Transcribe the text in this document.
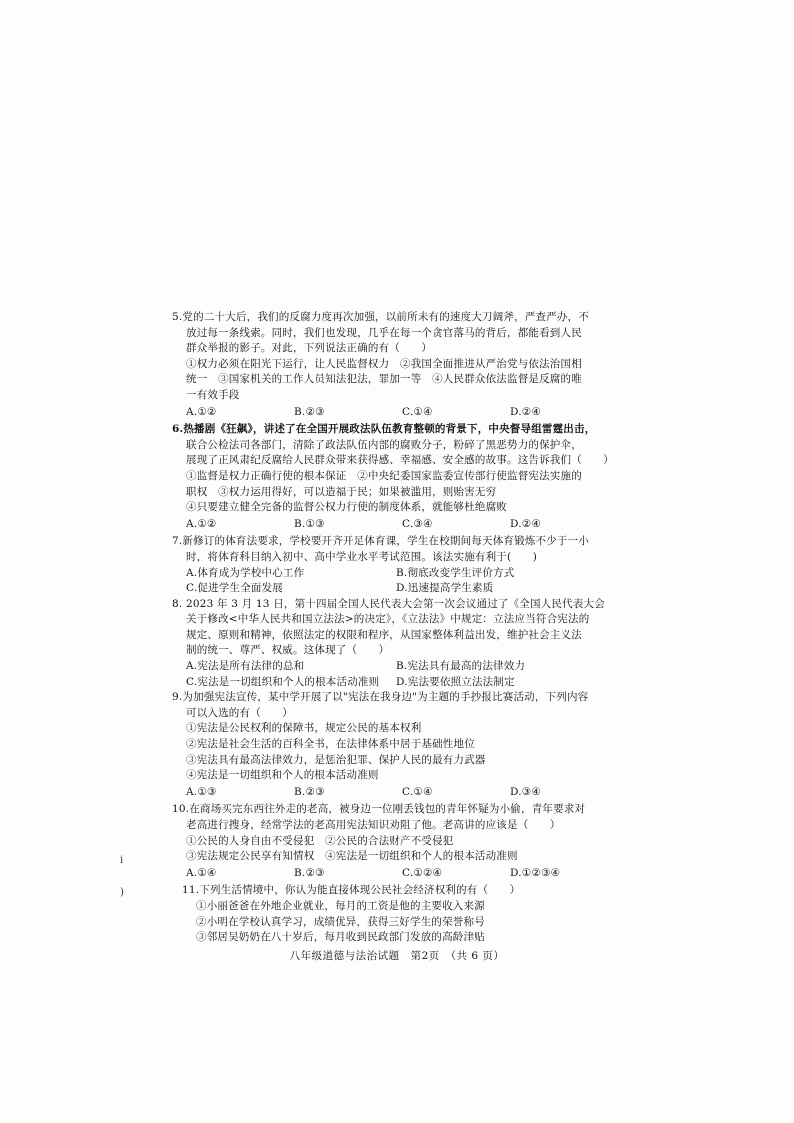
ⅰ
)
5.党的二十大后，我们的反腐力度再次加强，以前所未有的速度大刀阔斧，严查严办，不
放过每一条线索。同时，我们也发现，几乎在每一个贪官落马的背后，都能看到人民
群众举报的影子。对此，下列说法正确的有（　　）
①权力必须在阳光下运行，让人民监督权力　②我国全面推进从严治党与依法治国相
统一　③国家机关的工作人员知法犯法，罪加一等　④人民群众依法监督是反腐的唯
一有效手段
A.①②	B.②③	C.①④	D.②④
6.热播剧《狂飙》，讲述了在全国开展政法队伍教育整顿的背景下，中央督导组雷霆出击，
联合公检法司各部门，清除了政法队伍内部的腐败分子，粉碎了黑恶势力的保护伞，
展现了正风肃纪反腐给人民群众带来获得感、幸福感、安全感的故事。这告诉我们（　　）
①监督是权力正确行使的根本保证　②中央纪委国家监委宣传部行使监督宪法实施的
职权　③权力运用得好，可以造福于民；如果被滥用，则贻害无穷
④只要建立健全完备的监督公权力行使的制度体系，就能够杜绝腐败
A.①②	B.①③	C.③④	D.②④
7.新修订的体育法要求，学校要开齐开足体育课，学生在校期间每天体育锻炼不少于一小
时，将体育科目纳入初中、高中学业水平考试范围。该法实施有利于(　　)
A.体育成为学校中心工作	B.彻底改变学生评价方式
C.促进学生全面发展	D.迅速提高学生素质
8. 2023 年 3 月 13 日，第十四届全国人民代表大会第一次会议通过了《全国人民代表大会
关于修改<中华人民共和国立法法>的决定》，《立法法》中规定：立法应当符合宪法的
规定、原则和精神，依照法定的权限和程序，从国家整体利益出发，维护社会主义法
制的统一、尊严、权威。这体现了（　　）
A.宪法是所有法律的总和	B.宪法具有最高的法律效力
C.宪法是一切组织和个人的根本活动准则	D.宪法要依照立法法制定
9.为加强宪法宣传，某中学开展了以"宪法在我身边"为主题的手抄报比赛活动，下列内容
可以入选的有（　　）
①宪法是公民权利的保障书，规定公民的基本权利
②宪法是社会生活的百科全书，在法律体系中居于基础性地位
③宪法具有最高法律效力，是惩治犯罪、保护人民的最有力武器
④宪法是一切组织和个人的根本活动准则
A.①③	B.②③	C.①④	D.③④
10.在商场买完东西往外走的老高，被身边一位刚丢钱包的青年怀疑为小偷，青年要求对
老高进行搜身，经常学法的老高用宪法知识劝阻了他。老高讲的应该是（　　）
①公民的人身自由不受侵犯　②公民的合法财产不受侵犯
③宪法规定公民享有知情权　④宪法是一切组织和个人的根本活动准则
A.①④	B.②③	C.①②④	D.①②③④
11.下列生活情境中，你认为能直接体现公民社会经济权利的有（　　）
①小丽爸爸在外地企业就业，每月的工资是他的主要收入来源
②小明在学校认真学习，成绩优异，获得三好学生的荣誉称号
③邻居吴奶奶在八十岁后，每月收到民政部门发放的高龄津贴
八年级道德与法治试题　第2页　（共 6 页）
